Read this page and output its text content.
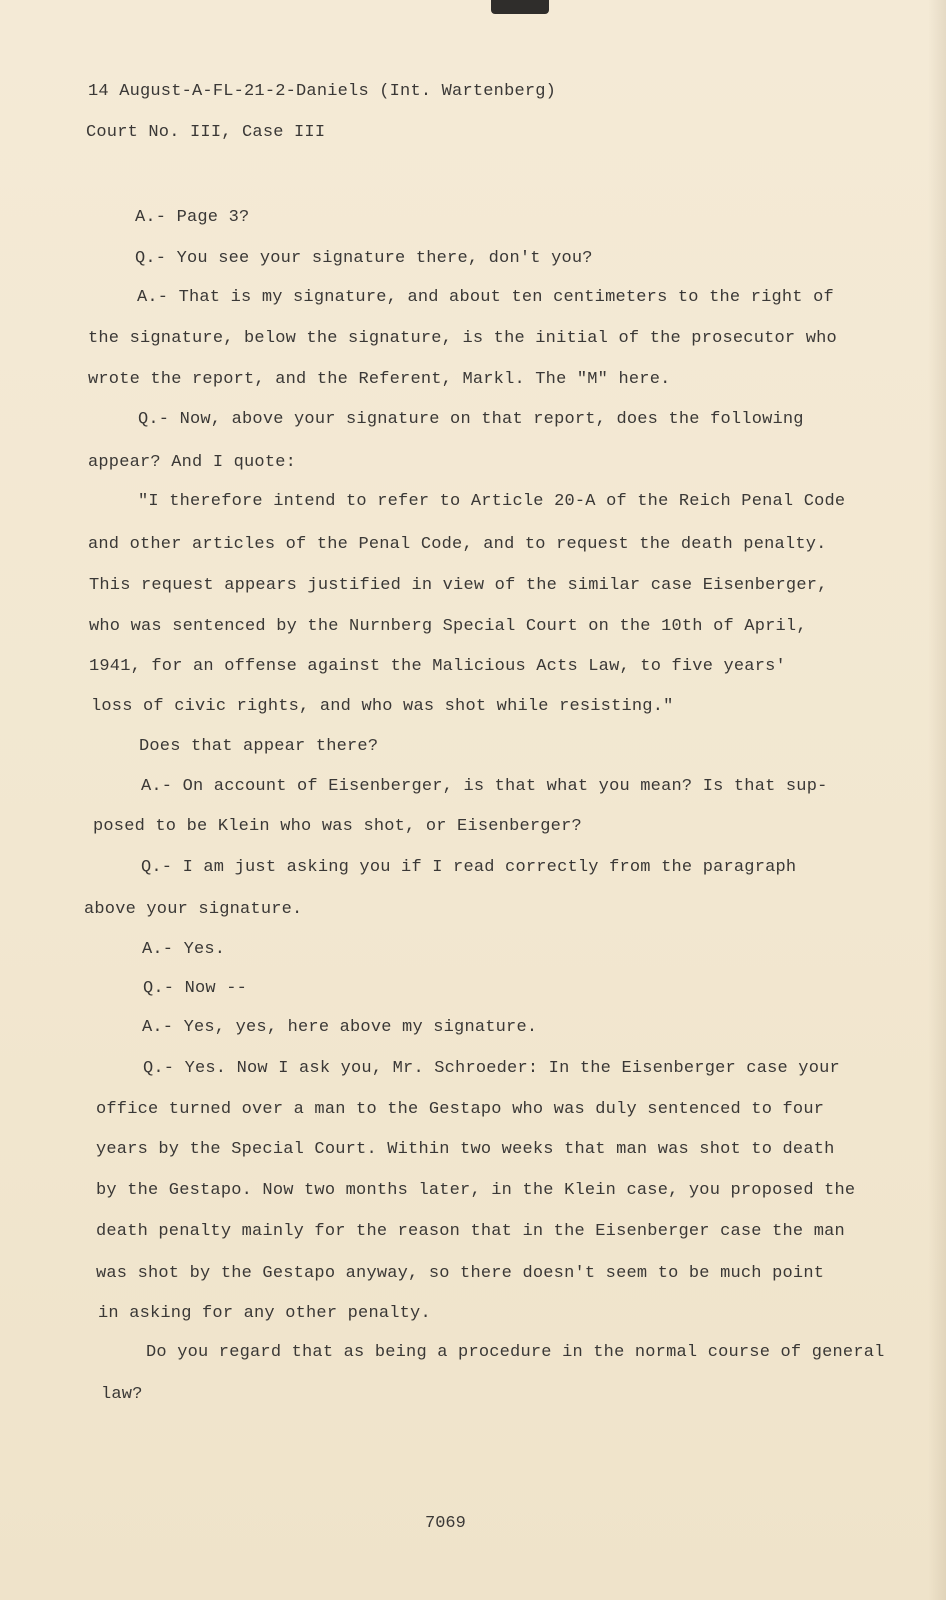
14 August-A-FL-21-2-Daniels (Int. Wartenberg)
Court No. III, Case III
A.- Page 3?
Q.- You see your signature there, don't you?
A.- That is my signature, and about ten centimeters to the right of
the signature, below the signature, is the initial of the prosecutor who
wrote the report, and the Referent, Markl. The "M" here.
Q.- Now, above your signature on that report, does the following
appear? And I quote:
"I therefore intend to refer to Article 20-A of the Reich Penal Code
and other articles of the Penal Code, and to request the death penalty.
This request appears justified in view of the similar case Eisenberger,
who was sentenced by the Nurnberg Special Court on the 10th of April,
1941, for an offense against the Malicious Acts Law, to five years'
loss of civic rights, and who was shot while resisting."
Does that appear there?
A.- On account of Eisenberger, is that what you mean? Is that sup-
posed to be Klein who was shot, or Eisenberger?
Q.- I am just asking you if I read correctly from the paragraph
above your signature.
A.- Yes.
Q.- Now --
A.- Yes, yes, here above my signature.
Q.- Yes. Now I ask you, Mr. Schroeder: In the Eisenberger case your
office turned over a man to the Gestapo who was duly sentenced to four
years by the Special Court. Within two weeks that man was shot to death
by the Gestapo. Now two months later, in the Klein case, you proposed the
death penalty mainly for the reason that in the Eisenberger case the man
was shot by the Gestapo anyway, so there doesn't seem to be much point
in asking for any other penalty.
Do you regard that as being a procedure in the normal course of general
law?
7069
